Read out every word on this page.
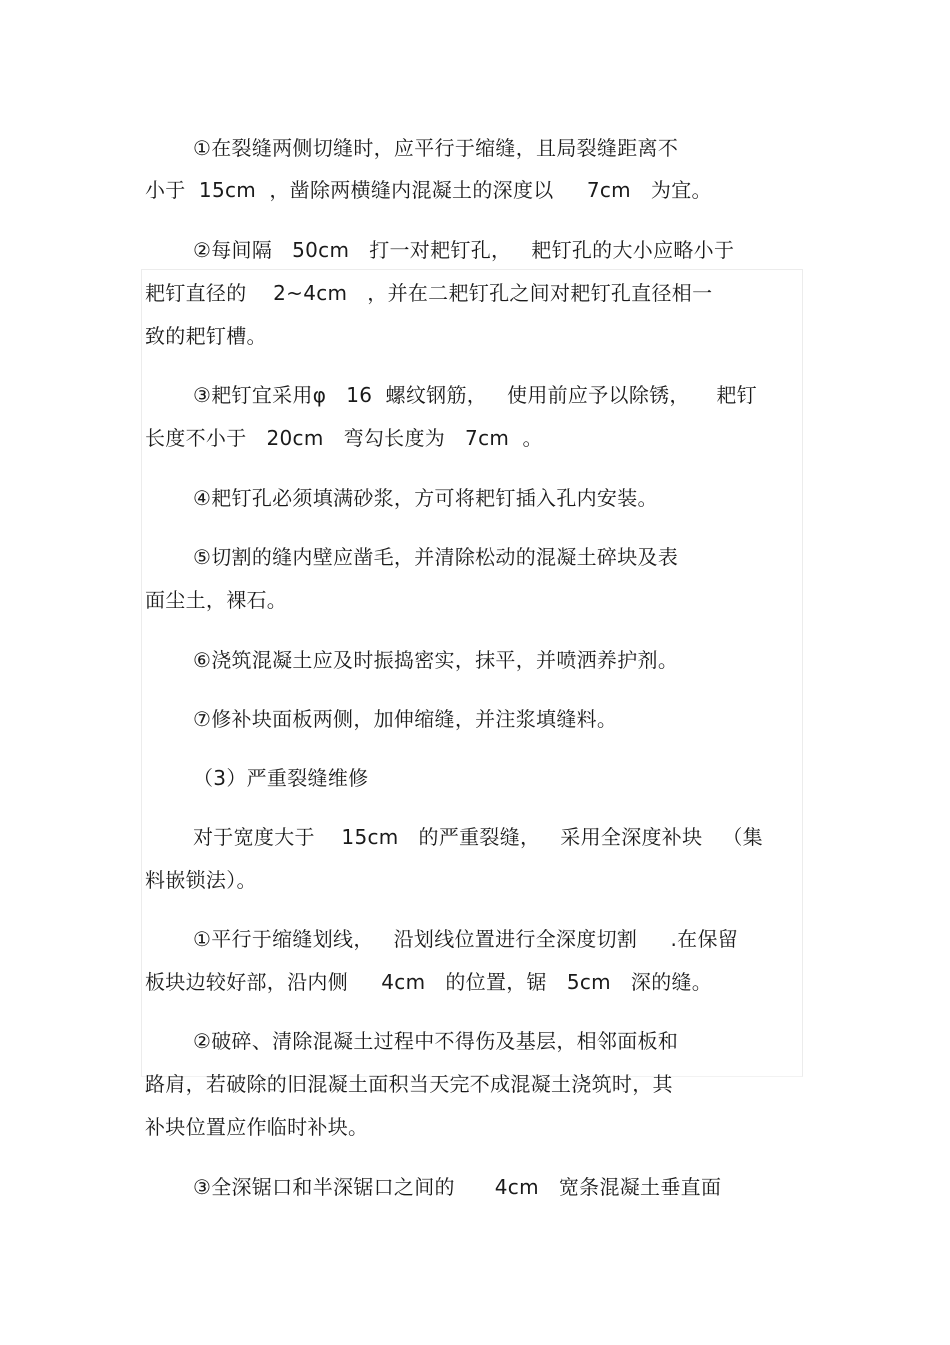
①在裂缝两侧切缝时，应平行于缩缝，且局裂缝距离不
小于  15cm  ，凿除两横缝内混凝土的深度以     7cm   为宜。
②每间隔   50cm   打一对耙钉孔，   耙钉孔的大小应略小于
耙钉直径的    2~4cm   ，并在二耙钉孔之间对耙钉孔直径相一
致的耙钉槽。
③耙钉宜采用φ   16  螺纹钢筋，   使用前应予以除锈，    耙钉
长度不小于   20cm   弯勾长度为   7cm  。
④耙钉孔必须填满砂浆，方可将耙钉插入孔内安装。
⑤切割的缝内壁应凿毛，并清除松动的混凝土碎块及表
面尘土，裸石。
⑥浇筑混凝土应及时振捣密实，抹平，并喷洒养护剂。
⑦修补块面板两侧，加伸缩缝，并注浆填缝料。
（3）严重裂缝维修
对于宽度大于    15cm   的严重裂缝，   采用全深度补块   （集
料嵌锁法）。
①平行于缩缝划线，   沿划线位置进行全深度切割     .在保留
板块边较好部，沿内侧     4cm   的位置，锯   5cm   深的缝。
②破碎、清除混凝土过程中不得伤及基层，相邻面板和
路肩，若破除的旧混凝土面积当天完不成混凝土浇筑时，其
补块位置应作临时补块。
③全深锯口和半深锯口之间的      4cm   宽条混凝土垂直面
